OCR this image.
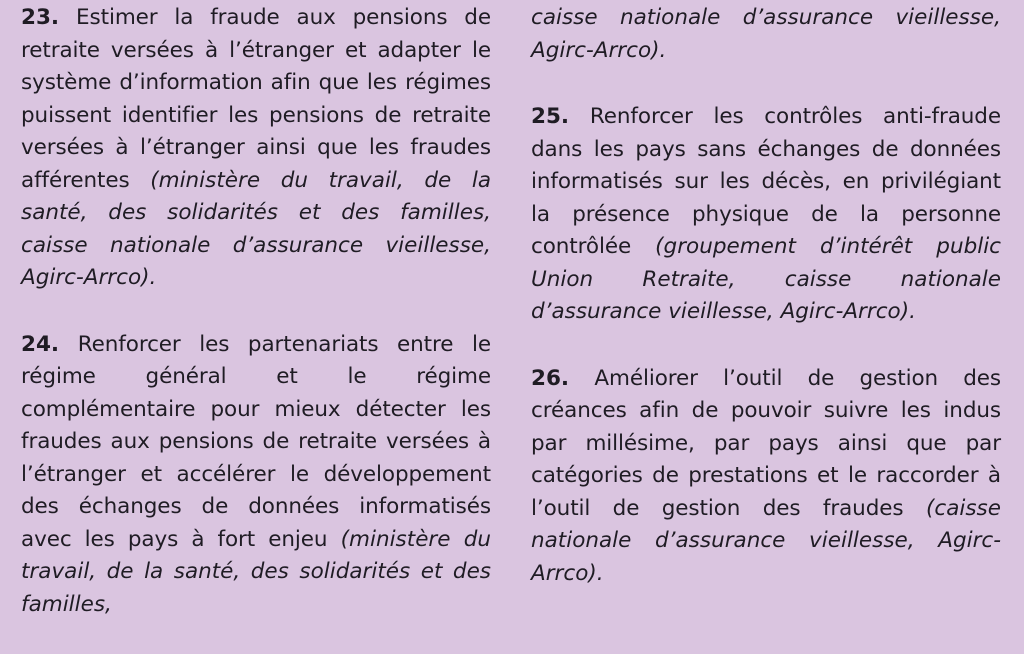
23. Estimer la fraude aux pensions de retraite versées à l’étranger et adapter le système d’information afin que les régimes puissent identifier les pensions de retraite versées à l’étranger ainsi que les fraudes afférentes (ministère du travail, de la santé, des solidarités et des familles, caisse nationale d’assurance vieillesse, Agirc-Arrco).

24. Renforcer les partenariats entre le régime général et le régime complémentaire pour mieux détecter les fraudes aux pensions de retraite versées à l’étranger et accélérer le développement des échanges de données informatisés avec les pays à fort enjeu (ministère du travail, de la santé, des solidarités et des familles,

caisse nationale d’assurance vieillesse, Agirc-Arrco).

25. Renforcer les contrôles anti-fraude dans les pays sans échanges de données informatisés sur les décès, en privilégiant la présence physique de la personne contrôlée (groupement d’intérêt public Union Retraite, caisse nationale d’assurance vieillesse, Agirc-Arrco).

26. Améliorer l’outil de gestion des créances afin de pouvoir suivre les indus par millésime, par pays ainsi que par catégories de prestations et le raccorder à l’outil de gestion des fraudes (caisse nationale d’assurance vieillesse, Agirc-Arrco).
